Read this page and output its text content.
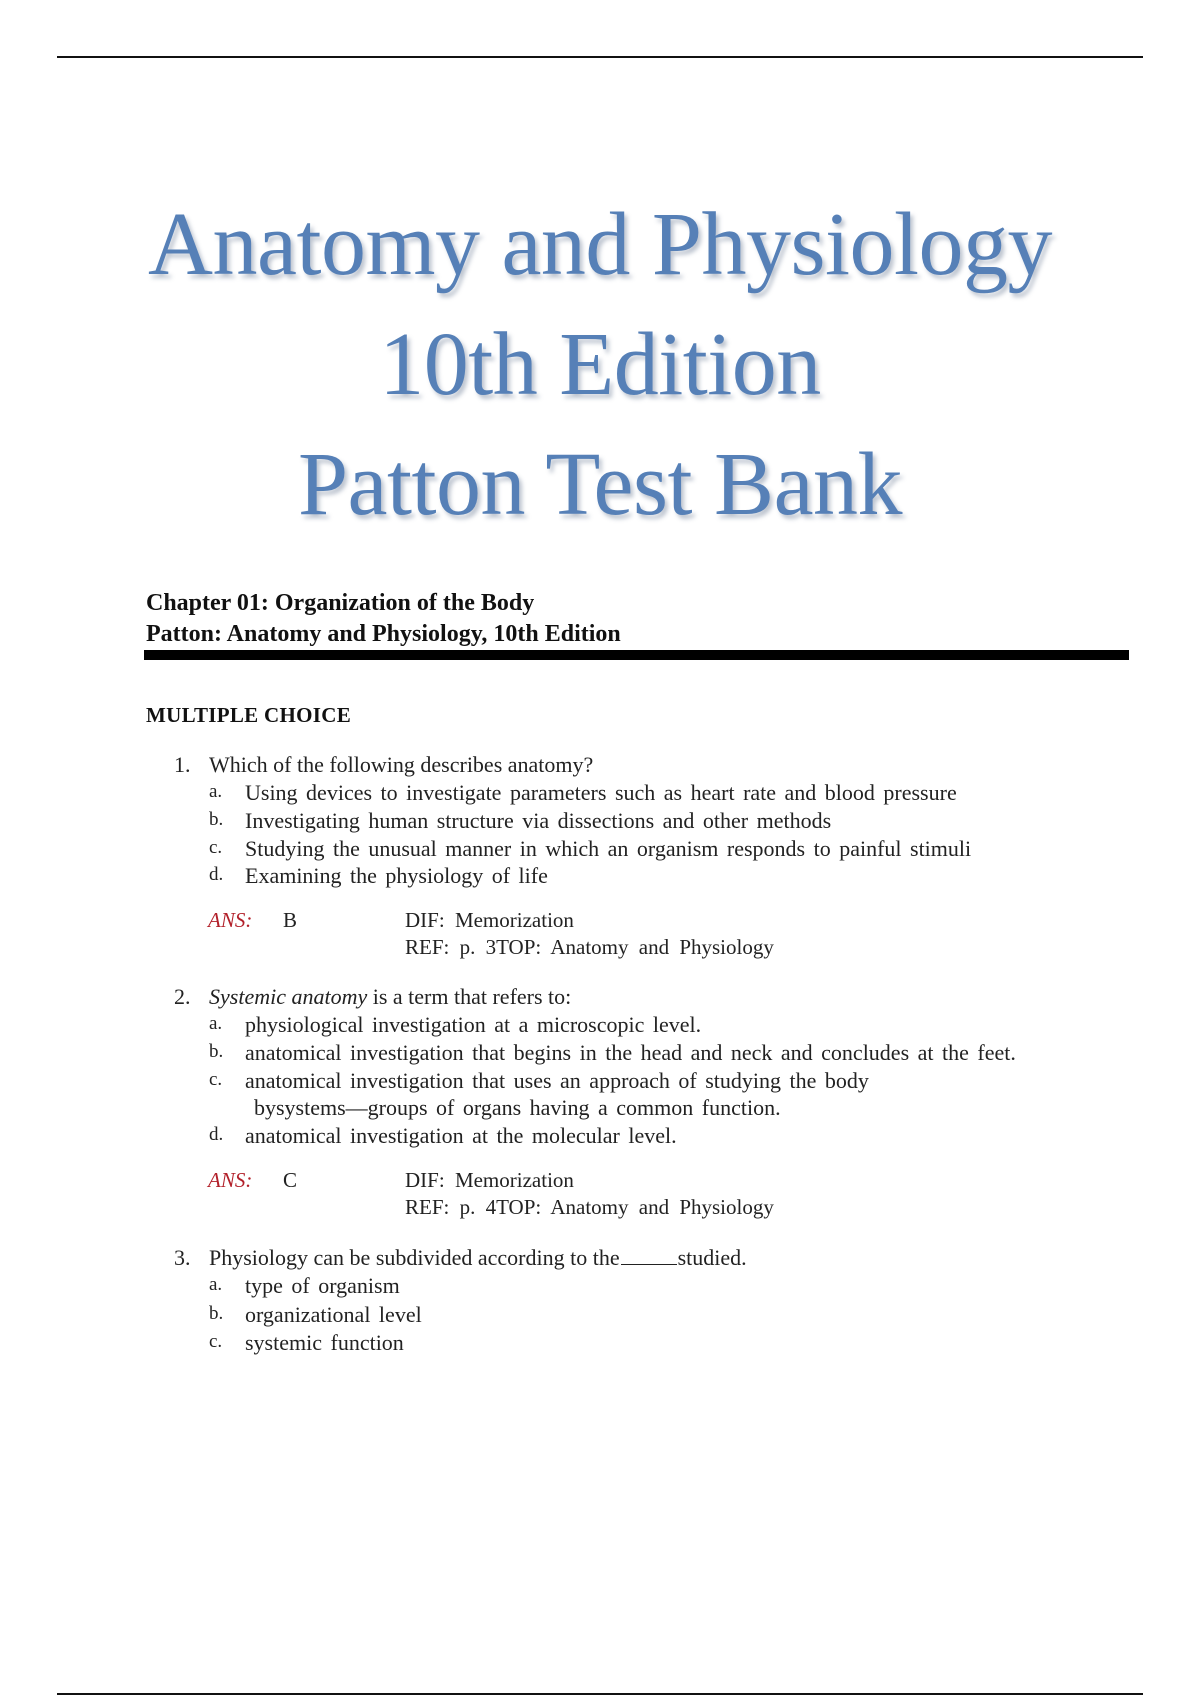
Anatomy and Physiology
10th Edition
Patton Test Bank
Chapter 01: Organization of the Body
Patton: Anatomy and Physiology, 10th Edition
MULTIPLE CHOICE
1. Which of the following describes anatomy?
a. Using devices to investigate parameters such as heart rate and blood pressure
b. Investigating human structure via dissections and other methods
c. Studying the unusual manner in which an organism responds to painful stimuli
d. Examining the physiology of life
ANS: B	DIF: Memorization
REF: p. 3TOP: Anatomy and Physiology
2. Systemic anatomy is a term that refers to:
a. physiological investigation at a microscopic level.
b. anatomical investigation that begins in the head and neck and concludes at the feet.
c. anatomical investigation that uses an approach of studying the body
bysystems—groups of organs having a common function.
d. anatomical investigation at the molecular level.
ANS: C	DIF: Memorization
REF: p. 4TOP: Anatomy and Physiology
3. Physiology can be subdivided according to the	studied.
a. type of organism
b. organizational level
c. systemic function
